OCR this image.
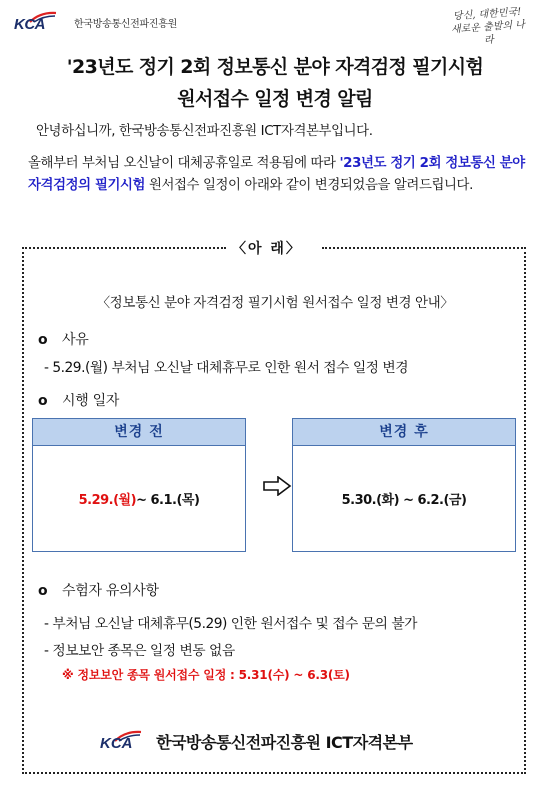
KCA	한국방송통신전파진흥원
당신, 대한민국!
새로운 출발의 나라
'23년도 정기 2회 정보통신 분야 자격검정 필기시험
원서접수 일정 변경 알림
안녕하십니까, 한국방송통신전파진흥원 ICT자격본부입니다.
올해부터 부처님 오신날이 대체공휴일로 적용됨에 따라 '23년도 정기 2회 정보통신 분야 자격검정의 필기시험 원서접수 일정이 아래와 같이 변경되었음을 알려드립니다.
〈아 래〉
〈정보통신 분야 자격검정 필기시험 원서접수 일정 변경 안내〉
o 사유
- 5.29.(월) 부처님 오신날 대체휴무로 인한 원서 접수 일정 변경
o 시행 일자
변경 전
5.29.(월) ~ 6.1.(목)
변경 후
5.30.(화) ~ 6.2.(금)
o 수험자 유의사항
- 부처님 오신날 대체휴무(5.29) 인한 원서접수 및 접수 문의 불가
- 정보보안 종목은 일정 변동 없음
※ 정보보안 종목 원서접수 일정 : 5.31(수) ~ 6.3(토)
KCA 한국방송통신전파진흥원 ICT자격본부
